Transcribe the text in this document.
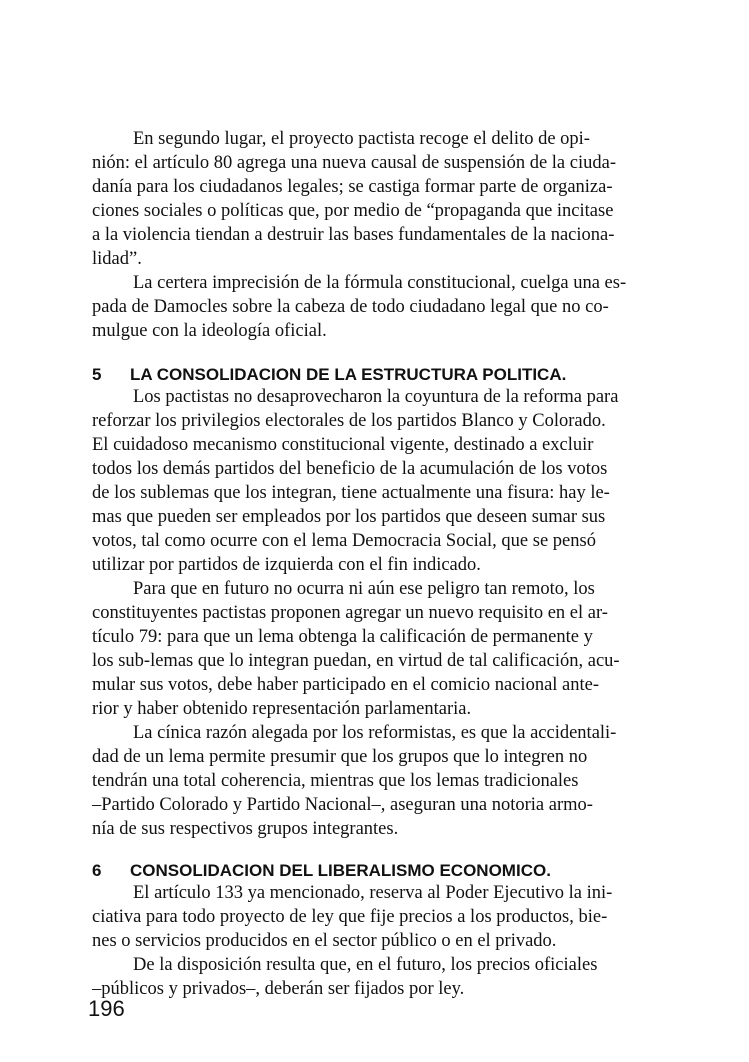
En segundo lugar, el proyecto pactista recoge el delito de opi-
nión: el artículo 80 agrega una nueva causal de suspensión de la ciuda-
danía para los ciudadanos legales; se castiga formar parte de organiza-
ciones sociales o políticas que, por medio de “propaganda que incitase
a la violencia tiendan a destruir las bases fundamentales de la naciona-
lidad”.
La certera imprecisión de la fórmula constitucional, cuelga una es-
pada de Damocles sobre la cabeza de todo ciudadano legal que no co-
mulgue con la ideología oficial.
5 LA CONSOLIDACION DE LA ESTRUCTURA POLITICA.
Los pactistas no desaprovecharon la coyuntura de la reforma para
reforzar los privilegios electorales de los partidos Blanco y Colorado.
El cuidadoso mecanismo constitucional vigente, destinado a excluir
todos los demás partidos del beneficio de la acumulación de los votos
de los sublemas que los integran, tiene actualmente una fisura: hay le-
mas que pueden ser empleados por los partidos que deseen sumar sus
votos, tal como ocurre con el lema Democracia Social, que se pensó
utilizar por partidos de izquierda con el fin indicado.
Para que en futuro no ocurra ni aún ese peligro tan remoto, los
constituyentes pactistas proponen agregar un nuevo requisito en el ar-
tículo 79: para que un lema obtenga la calificación de permanente y
los sub-lemas que lo integran puedan, en virtud de tal calificación, acu-
mular sus votos, debe haber participado en el comicio nacional ante-
rior y haber obtenido representación parlamentaria.
La cínica razón alegada por los reformistas, es que la accidentali-
dad de un lema permite presumir que los grupos que lo integren no
tendrán una total coherencia, mientras que los lemas tradicionales
–Partido Colorado y Partido Nacional–, aseguran una notoria armo-
nía de sus respectivos grupos integrantes.
6 CONSOLIDACION DEL LIBERALISMO ECONOMICO.
El artículo 133 ya mencionado, reserva al Poder Ejecutivo la ini-
ciativa para todo proyecto de ley que fije precios a los productos, bie-
nes o servicios producidos en el sector público o en el privado.
De la disposición resulta que, en el futuro, los precios oficiales
–públicos y privados–, deberán ser fijados por ley.
196
